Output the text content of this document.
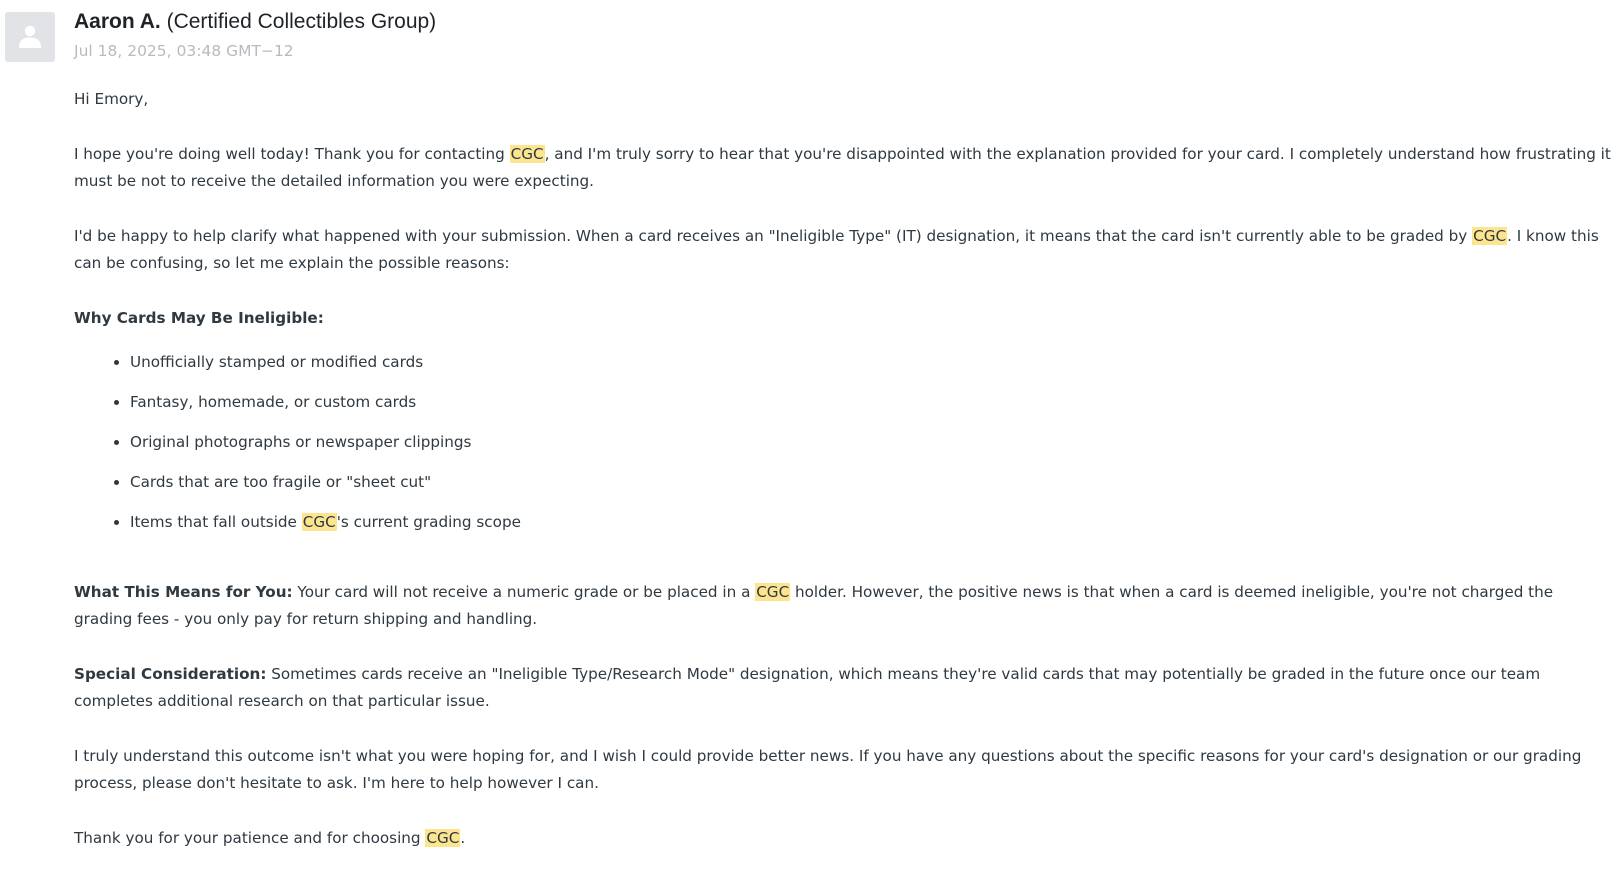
Aaron A. (Certified Collectibles Group)
Jul 18, 2025, 03:48 GMT−12

Hi Emory,

I hope you're doing well today! Thank you for contacting CGC, and I'm truly sorry to hear that you're disappointed with the explanation provided for your card. I completely understand how frustrating it must be not to receive the detailed information you were expecting.

I'd be happy to help clarify what happened with your submission. When a card receives an "Ineligible Type" (IT) designation, it means that the card isn't currently able to be graded by CGC. I know this can be confusing, so let me explain the possible reasons:

Why Cards May Be Ineligible:

• Unofficially stamped or modified cards
• Fantasy, homemade, or custom cards
• Original photographs or newspaper clippings
• Cards that are too fragile or "sheet cut"
• Items that fall outside CGC's current grading scope

What This Means for You: Your card will not receive a numeric grade or be placed in a CGC holder. However, the positive news is that when a card is deemed ineligible, you're not charged the grading fees - you only pay for return shipping and handling.

Special Consideration: Sometimes cards receive an "Ineligible Type/Research Mode" designation, which means they're valid cards that may potentially be graded in the future once our team completes additional research on that particular issue.

I truly understand this outcome isn't what you were hoping for, and I wish I could provide better news. If you have any questions about the specific reasons for your card's designation or our grading process, please don't hesitate to ask. I'm here to help however I can.

Thank you for your patience and for choosing CGC.
